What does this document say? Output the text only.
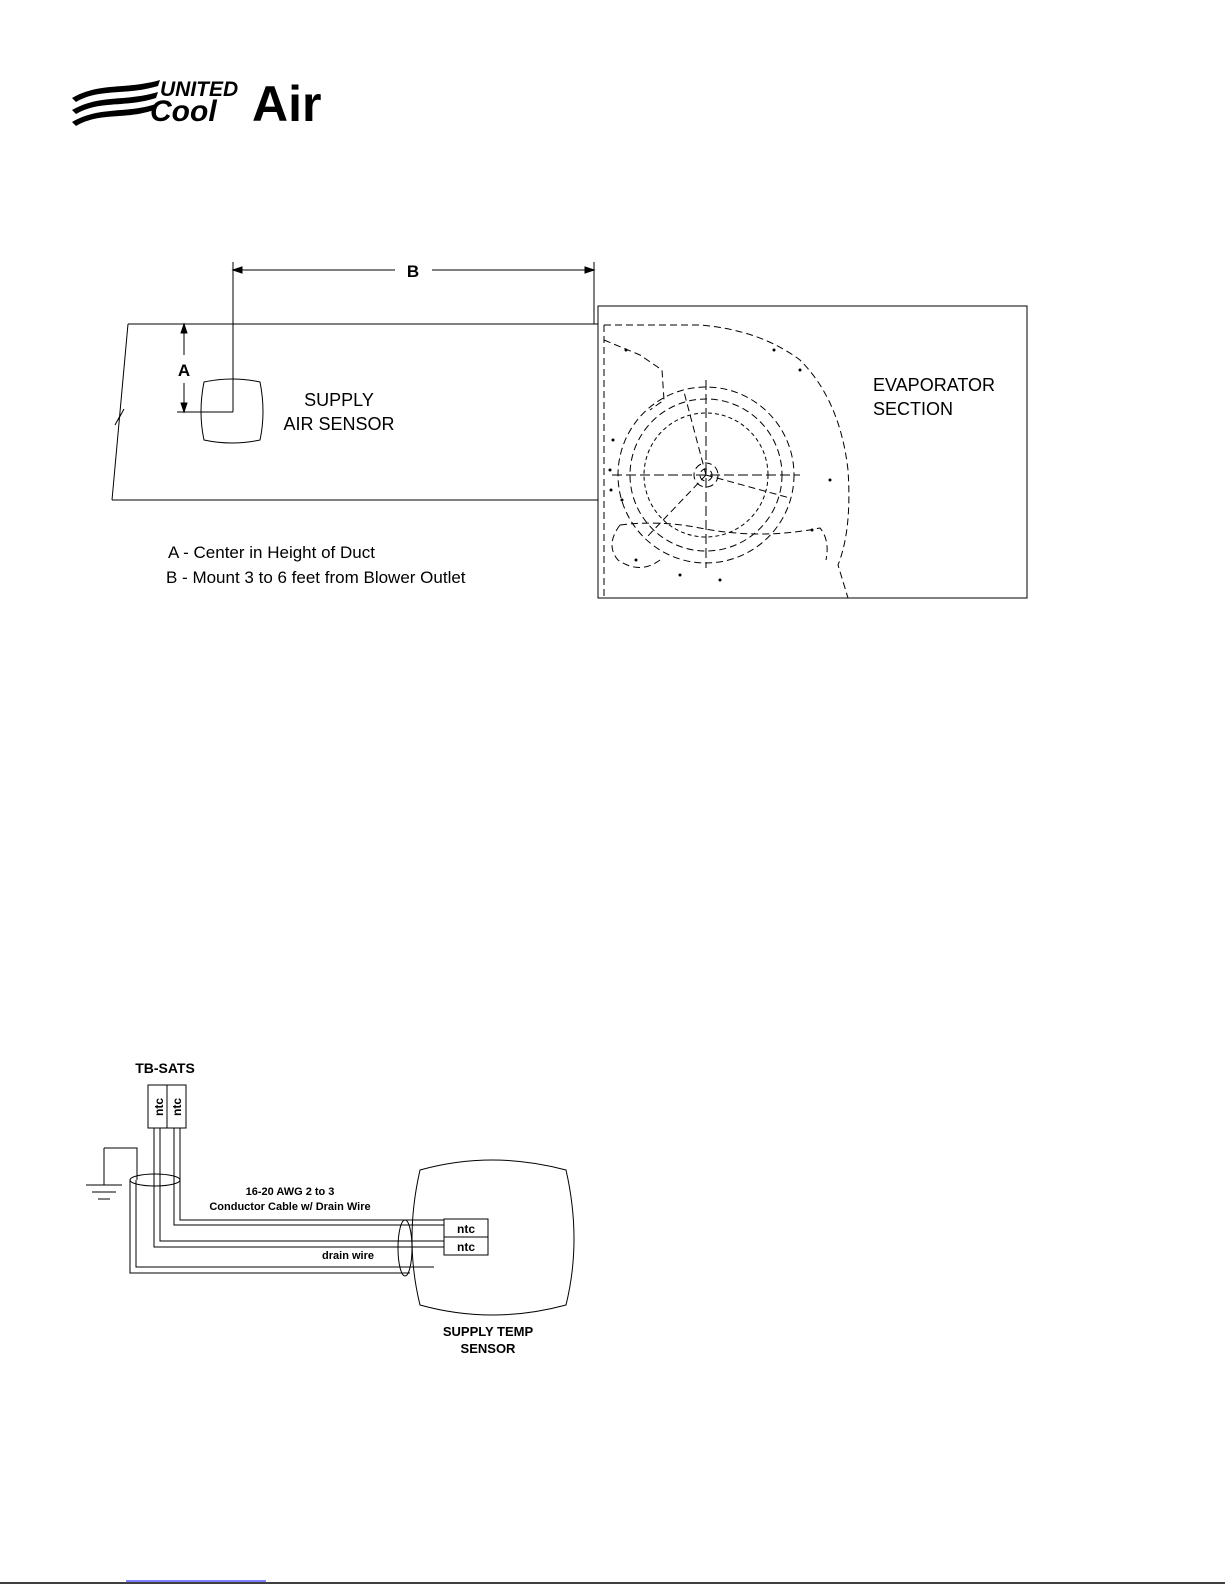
UNITED
Cool Air
B
A
SUPPLY
AIR SENSOR
EVAPORATOR
SECTION
A - Center in Height of Duct
B - Mount 3 to 6 feet from Blower Outlet
TB-SATS
ntc ntc
16-20 AWG 2 to 3
Conductor Cable w/ Drain Wire
drain wire
ntc
ntc
SUPPLY TEMP
SENSOR
